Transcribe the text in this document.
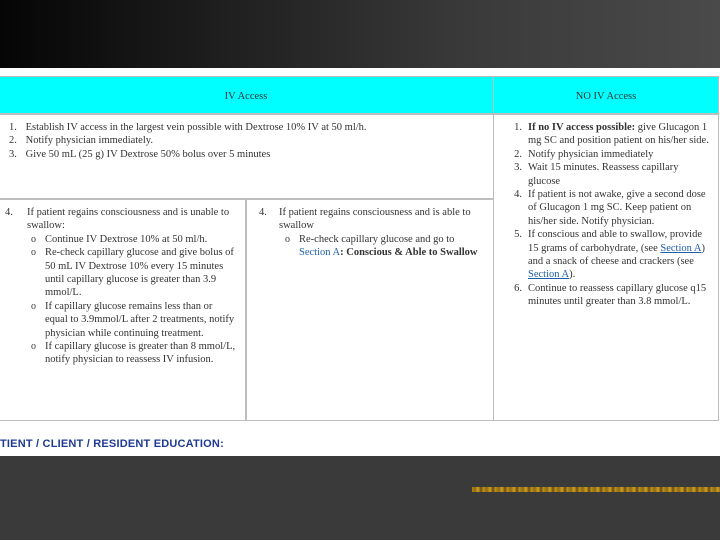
IV Access	NO IV Access
1. Establish IV access in the largest vein possible with Dextrose 10% IV at 50 ml/h.
2. Notify physician immediately.
3. Give 50 mL (25 g) IV Dextrose 50% bolus over 5 minutes
4.	If patient regains consciousness and is unable to swallow:
o Continue IV Dextrose 10% at 50 ml/h.
o Re-check capillary glucose and give bolus of 50 mL IV Dextrose 10% every 15 minutes until capillary glucose is greater than 3.9 mmol/L.
o If capillary glucose remains less than or equal to 3.9mmol/L after 2 treatments, notify physician while continuing treatment.
o If capillary glucose is greater than 8 mmol/L, notify physician to reassess IV infusion.
4.	If patient regains consciousness and is able to swallow
o Re-check capillary glucose and go to Section A: Conscious & Able to Swallow
1. If no IV access possible: give Glucagon 1 mg SC and position patient on his/her side.
2. Notify physician immediately
3. Wait 15 minutes. Reassess capillary glucose
4. If patient is not awake, give a second dose of Glucagon 1 mg SC. Keep patient on his/her side. Notify physician.
5. If conscious and able to swallow, provide 15 grams of carbohydrate, (see Section A) and a snack of cheese and crackers (see Section A).
6. Continue to reassess capillary glucose q15 minutes until greater than 3.8 mmol/L.
TIENT / CLIENT / RESIDENT EDUCATION:
